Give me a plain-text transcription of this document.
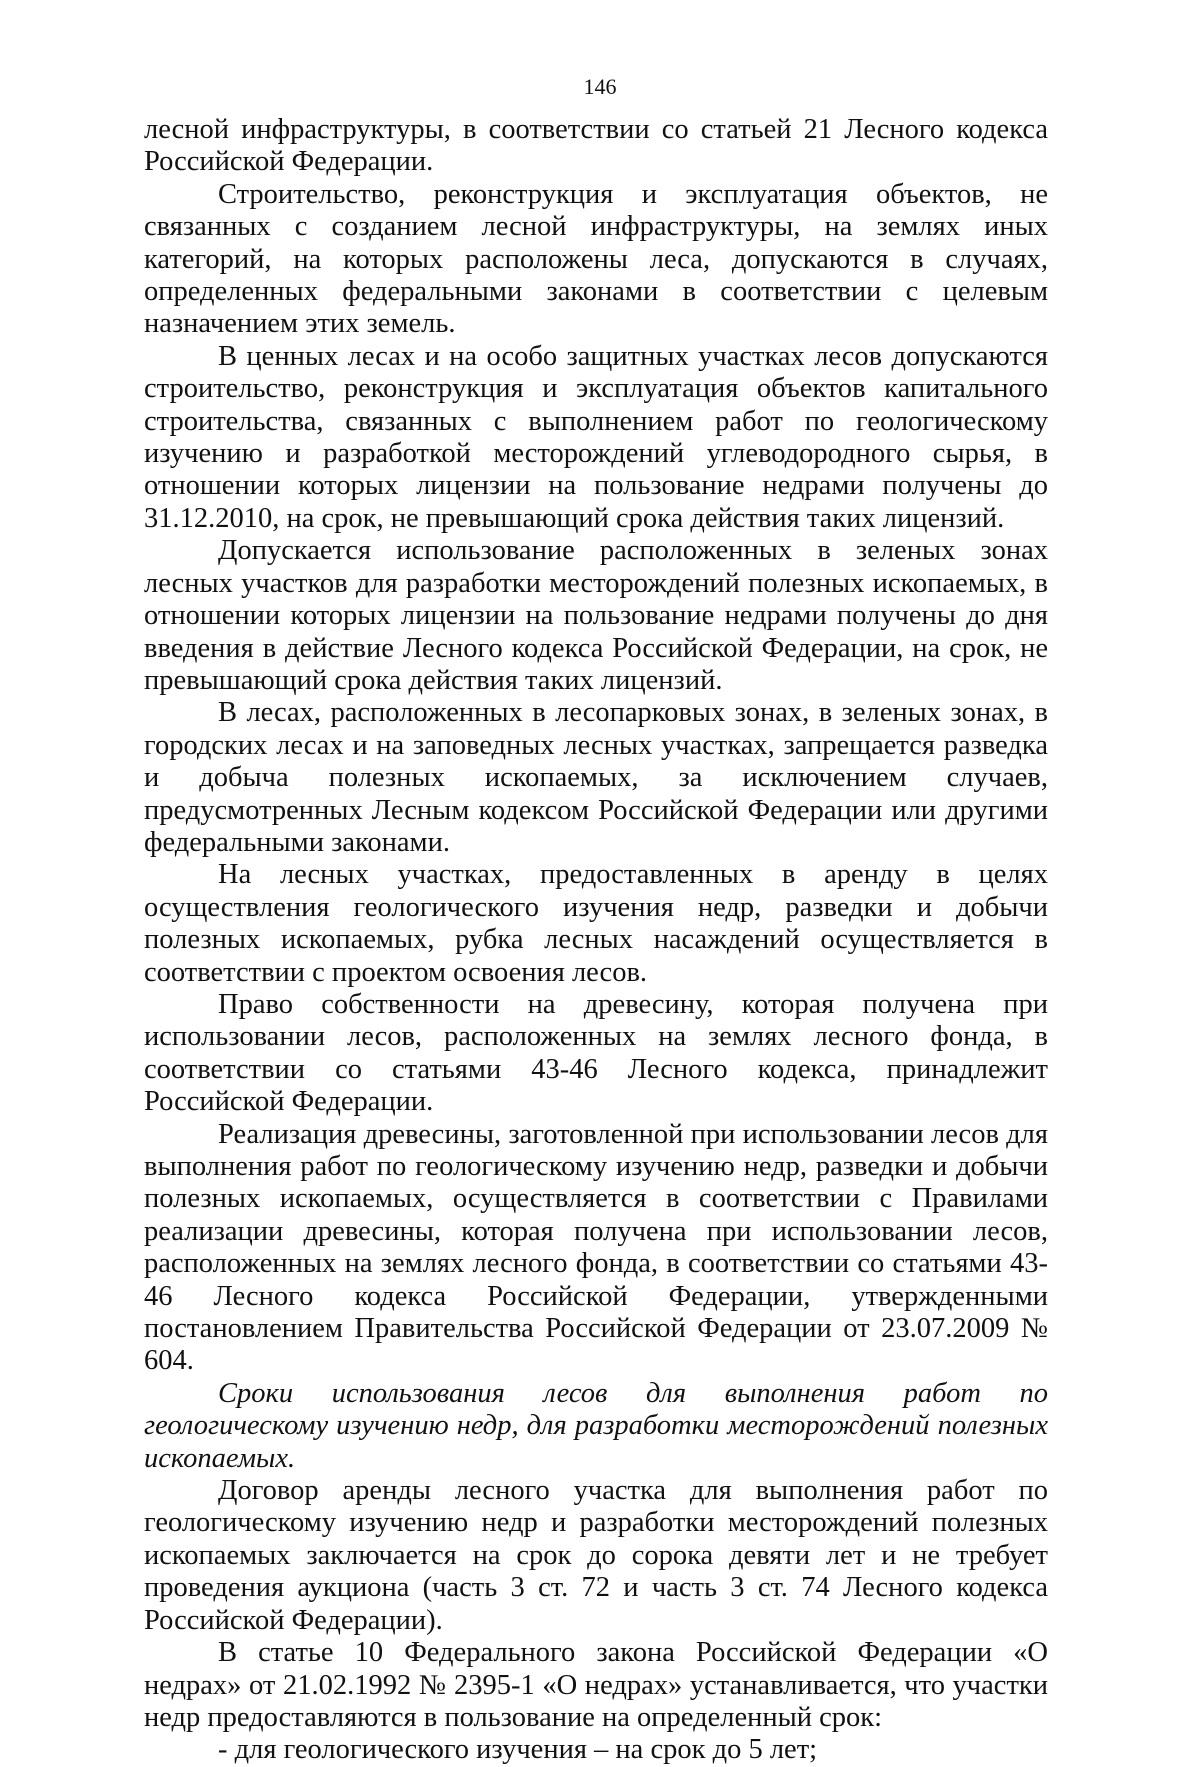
146

лесной инфраструктуры, в соответствии со статьей 21 Лесного кодекса Российской Федерации.

Строительство, реконструкция и эксплуатация объектов, не связанных с созданием лесной инфраструктуры, на землях иных категорий, на которых расположены леса, допускаются в случаях, определенных федеральными законами в соответствии с целевым назначением этих земель.

В ценных лесах и на особо защитных участках лесов допускаются строительство, реконструкция и эксплуатация объектов капитального строительства, связанных с выполнением работ по геологическому изучению и разработкой месторождений углеводородного сырья, в отношении которых лицензии на пользование недрами получены до 31.12.2010, на срок, не превышающий срока действия таких лицензий.

Допускается использование расположенных в зеленых зонах лесных участков для разработки месторождений полезных ископаемых, в отношении которых лицензии на пользование недрами получены до дня введения в действие Лесного кодекса Российской Федерации, на срок, не превышающий срока действия таких лицензий.

В лесах, расположенных в лесопарковых зонах, в зеленых зонах, в городских лесах и на заповедных лесных участках, запрещается разведка и добыча полезных ископаемых, за исключением случаев, предусмотренных Лесным кодексом Российской Федерации или другими федеральными законами.

На лесных участках, предоставленных в аренду в целях осуществления геологического изучения недр, разведки и добычи полезных ископаемых, рубка лесных насаждений осуществляется в соответствии с проектом освоения лесов.

Право собственности на древесину, которая получена при использовании лесов, расположенных на землях лесного фонда, в соответствии со статьями 43-46 Лесного кодекса, принадлежит Российской Федерации.

Реализация древесины, заготовленной при использовании лесов для выполнения работ по геологическому изучению недр, разведки и добычи полезных ископаемых, осуществляется в соответствии с Правилами реализации древесины, которая получена при использовании лесов, расположенных на землях лесного фонда, в соответствии со статьями 43-46 Лесного кодекса Российской Федерации, утвержденными постановлением Правительства Российской Федерации от 23.07.2009 № 604.

Сроки использования лесов для выполнения работ по геологическому изучению недр, для разработки месторождений полезных ископаемых.

Договор аренды лесного участка для выполнения работ по геологическому изучению недр и разработки месторождений полезных ископаемых заключается на срок до сорока девяти лет и не требует проведения аукциона (часть 3 ст. 72 и часть 3 ст. 74 Лесного кодекса Российской Федерации).

В статье 10 Федерального закона Российской Федерации «О недрах» от 21.02.1992 № 2395-1 «О недрах» устанавливается, что участки недр предоставляются в пользование на определенный срок:

- для геологического изучения – на срок до 5 лет;
